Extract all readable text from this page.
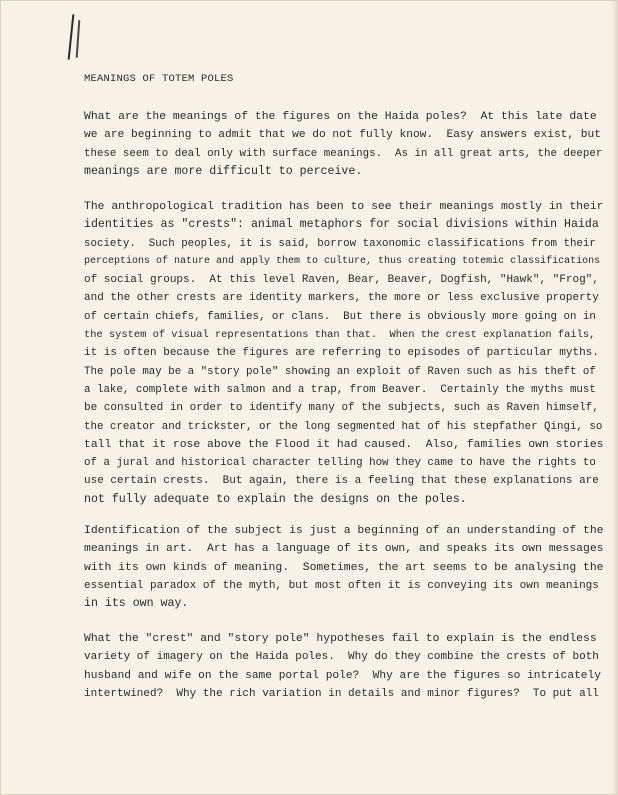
MEANINGS OF TOTEM POLES
What are the meanings of the figures on the Haida poles?  At this late date
we are beginning to admit that we do not fully know.  Easy answers exist, but
these seem to deal only with surface meanings.  As in all great arts, the deeper
meanings are more difficult to perceive.
The anthropological tradition has been to see their meanings mostly in their
identities as "crests": animal metaphors for social divisions within Haida
society.  Such peoples, it is said, borrow taxonomic classifications from their
perceptions of nature and apply them to culture, thus creating totemic classifications
of social groups.  At this level Raven, Bear, Beaver, Dogfish, "Hawk", "Frog",
and the other crests are identity markers, the more or less exclusive property
of certain chiefs, families, or clans.  But there is obviously more going on in
the system of visual representations than that.  When the crest explanation fails,
it is often because the figures are referring to episodes of particular myths.
The pole may be a "story pole" showing an exploit of Raven such as his theft of
a lake, complete with salmon and a trap, from Beaver.  Certainly the myths must
be consulted in order to identify many of the subjects, such as Raven himself,
the creator and trickster, or the long segmented hat of his stepfather Qingi, so
tall that it rose above the Flood it had caused.  Also, families own stories
of a jural and historical character telling how they came to have the rights to
use certain crests.  But again, there is a feeling that these explanations are
not fully adequate to explain the designs on the poles.
Identification of the subject is just a beginning of an understanding of the
meanings in art.  Art has a language of its own, and speaks its own messages
with its own kinds of meaning.  Sometimes, the art seems to be analysing the
essential paradox of the myth, but most often it is conveying its own meanings
in its own way.
What the "crest" and "story pole" hypotheses fail to explain is the endless
variety of imagery on the Haida poles.  Why do they combine the crests of both
husband and wife on the same portal pole?  Why are the figures so intricately
intertwined?  Why the rich variation in details and minor figures?  To put all
